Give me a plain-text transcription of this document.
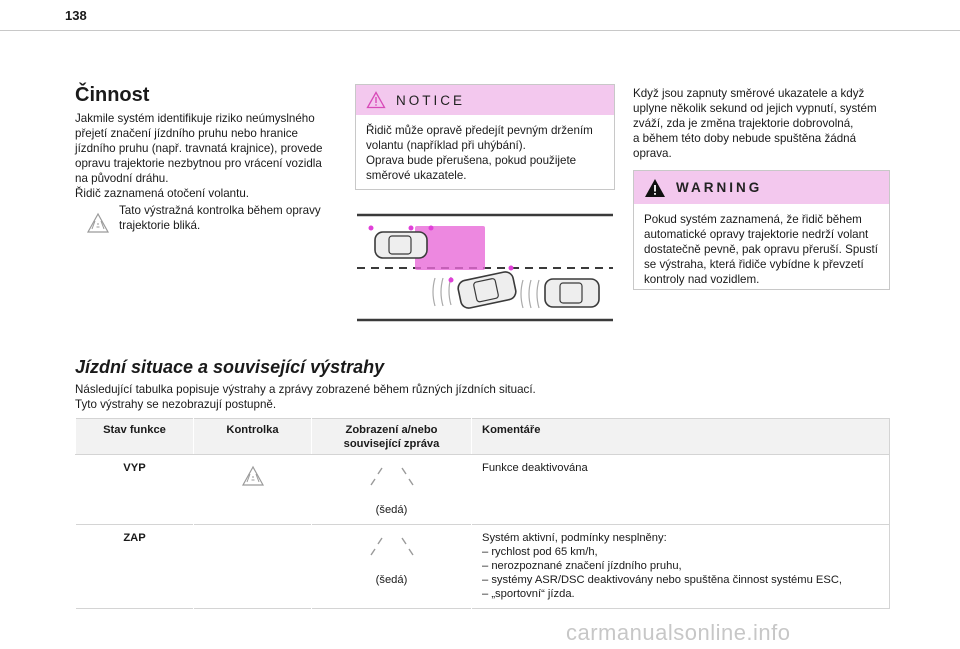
138
Činnost
Jakmile systém identifikuje riziko neúmyslného
přejetí značení jízdního pruhu nebo hranice
jízdního pruhu (např. travnatá krajnice), provede
opravu trajektorie nezbytnou pro vrácení vozidla
na původní dráhu.
Řidič zaznamená otočení volantu.
Tato výstražná kontrolka během opravy
trajektorie bliká.
NOTICE
Řidič může opravě předejít pevným držením
volantu (například při uhýbání).
Oprava bude přerušena, pokud použijete
směrové ukazatele.
Když jsou zapnuty směrové ukazatele a když
uplyne několik sekund od jejich vypnutí, systém
zváží, zda je změna trajektorie dobrovolná,
a během této doby nebude spuštěna žádná
oprava.
WARNING
Pokud systém zaznamená, že řidič během
automatické opravy trajektorie nedrží volant
dostatečně pevně, pak opravu přeruší. Spustí
se výstraha, která řidiče vybídne k převzetí
kontroly nad vozidlem.
Jízdní situace a související výstrahy
Následující tabulka popisuje výstrahy a zprávy zobrazené během různých jízdních situací.
Tyto výstrahy se nezobrazují postupně.
Stav funkce	Kontrolka	Zobrazení a/nebo
související zpráva	Komentáře
VYP		(šedá)	Funkce deaktivována

ZAP		(šedá)	Systém aktivní, podmínky nesplněny:
– rychlost pod 65 km/h,
– nerozpoznané značení jízdního pruhu,
– systémy ASR/DSC deaktivovány nebo spuštěna činnost systému ESC,
– „sportovní“ jízda.
carmanualsonline.info
